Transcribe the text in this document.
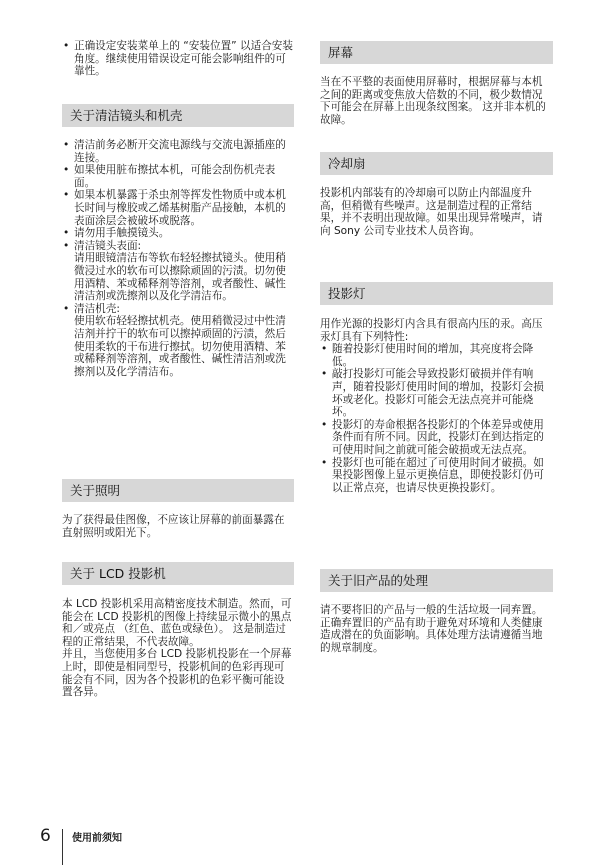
• 正确设定安装菜单上的 “安装位置” 以适合安装角度。继续使用错误设定可能会影响组件的可靠性。
关于清洁镜头和机壳
• 清洁前务必断开交流电源线与交流电源插座的连接。
• 如果使用脏布擦拭本机，可能会刮伤机壳表面。
• 如果本机暴露于杀虫剂等挥发性物质中或本机长时间与橡胶或乙烯基树脂产品接触，本机的表面涂层会被破坏或脱落。
• 请勿用手触摸镜头。
• 清洁镜头表面:
请用眼镜清洁布等软布轻轻擦拭镜头。使用稍微浸过水的软布可以擦除顽固的污渍。切勿使用酒精、苯或稀释剂等溶剂，或者酸性、碱性清洁剂或洗擦剂以及化学清洁布。
• 清洁机壳:
使用软布轻轻擦拭机壳。使用稍微浸过中性清洁剂并拧干的软布可以擦掉顽固的污渍，然后使用柔软的干布进行擦拭。切勿使用酒精、苯或稀释剂等溶剂，或者酸性、碱性清洁剂或洗擦剂以及化学清洁布。
关于照明

为了获得最佳图像，不应该让屏幕的前面暴露在直射照明或阳光下。

关于 LCD 投影机

本 LCD 投影机采用高精密度技术制造。然而，可能会在 LCD 投影机的图像上持续显示微小的黑点和／或亮点 （红色、蓝色或绿色）。 这是制造过程的正常结果，不代表故障。

并且，当您使用多台 LCD 投影机投影在一个屏幕上时，即使是相同型号，投影机间的色彩再现可能会有不同，因为各个投影机的色彩平衡可能设置各异。

屏幕

当在不平整的表面使用屏幕时，根据屏幕与本机之间的距离或变焦放大倍数的不同，极少数情况下可能会在屏幕上出现条纹图案。 这并非本机的故障。

冷却扇

投影机内部装有的冷却扇可以防止内部温度升高，但稍微有些噪声。这是制造过程的正常结果，并不表明出现故障。如果出现异常噪声，请向 Sony 公司专业技术人员咨询。

投影灯

用作光源的投影灯内含具有很高内压的汞。高压汞灯具有下列特性:

• 随着投影灯使用时间的增加，其亮度将会降低。
• 敲打投影灯可能会导致投影灯破损并伴有响声，随着投影灯使用时间的增加，投影灯会损坏或老化。投影灯可能会无法点亮并可能烧坏。
• 投影灯的寿命根据各投影灯的个体差异或使用条件而有所不同。因此，投影灯在到达指定的可使用时间之前就可能会破损或无法点亮。
• 投影灯也可能在超过了可使用时间才破损。如果投影图像上显示更换信息，即使投影灯仍可以正常点亮，也请尽快更换投影灯。
关于旧产品的处理

请不要将旧的产品与一般的生活垃圾一同弃置。正确弃置旧的产品有助于避免对环境和人类健康造成潜在的负面影响。具体处理方法请遵循当地的规章制度。

6 使用前须知
